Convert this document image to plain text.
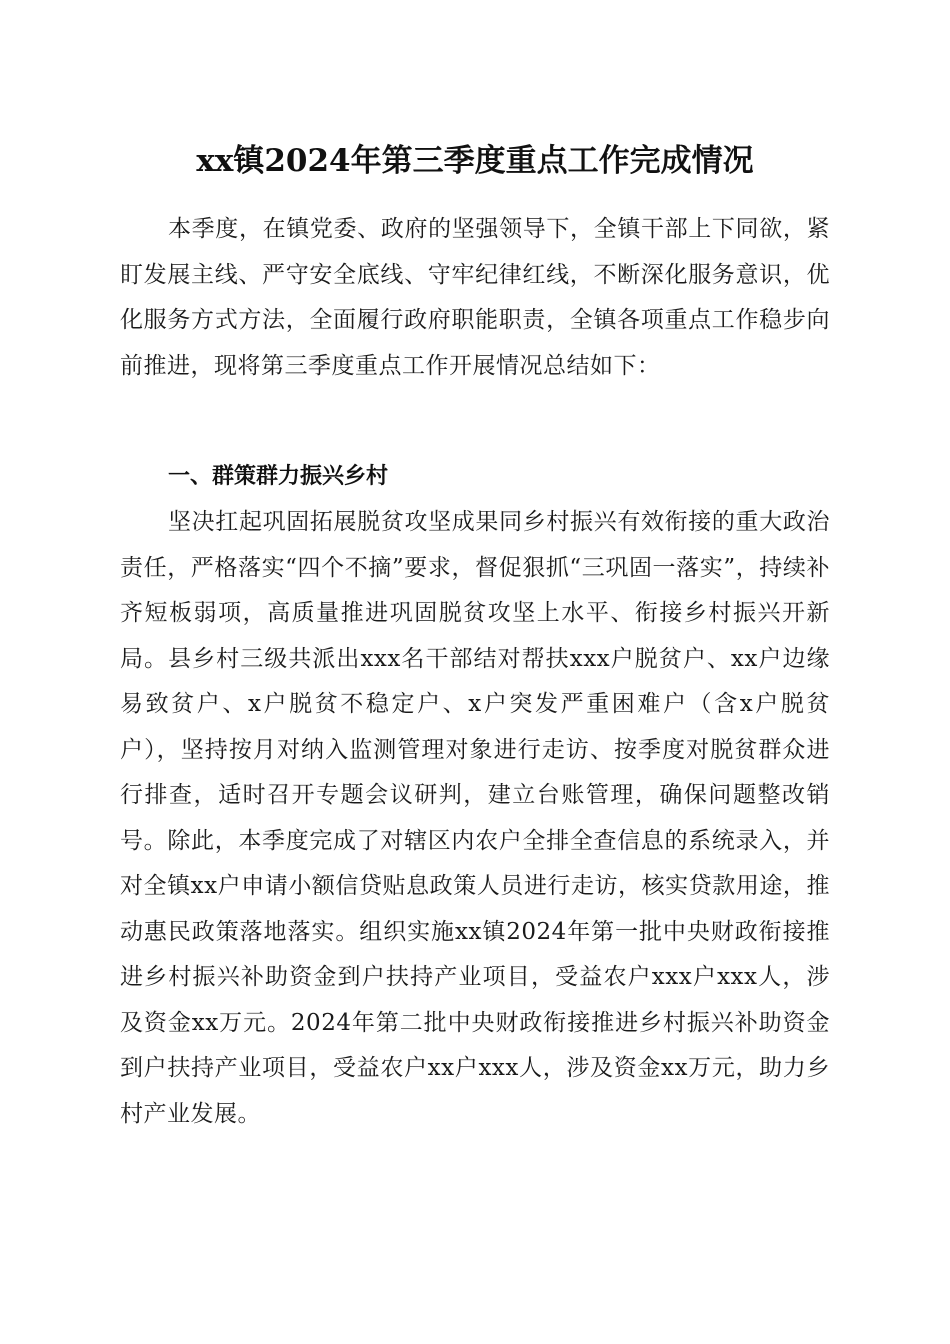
xx镇2024年第三季度重点工作完成情况

本季度，在镇党委、政府的坚强领导下，全镇干部上下同欲，紧盯发展主线、严守安全底线、守牢纪律红线，不断深化服务意识，优化服务方式方法，全面履行政府职能职责，全镇各项重点工作稳步向前推进，现将第三季度重点工作开展情况总结如下：

一、群策群力振兴乡村

坚决扛起巩固拓展脱贫攻坚成果同乡村振兴有效衔接的重大政治责任，严格落实“四个不摘”要求，督促狠抓“三巩固一落实”，持续补齐短板弱项，高质量推进巩固脱贫攻坚上水平、衔接乡村振兴开新局。县乡村三级共派出xxx名干部结对帮扶xxx户脱贫户、xx户边缘易致贫户、x户脱贫不稳定户、x户突发严重困难户（含x户脱贫户），坚持按月对纳入监测管理对象进行走访、按季度对脱贫群众进行排查，适时召开专题会议研判，建立台账管理，确保问题整改销号。除此，本季度完成了对辖区内农户全排全查信息的系统录入，并对全镇xx户申请小额信贷贴息政策人员进行走访，核实贷款用途，推动惠民政策落地落实。组织实施xx镇2024年第一批中央财政衔接推进乡村振兴补助资金到户扶持产业项目，受益农户xxx户xxx人，涉及资金xx万元。2024年第二批中央财政衔接推进乡村振兴补助资金到户扶持产业项目，受益农户xx户xxx人，涉及资金xx万元，助力乡村产业发展。
